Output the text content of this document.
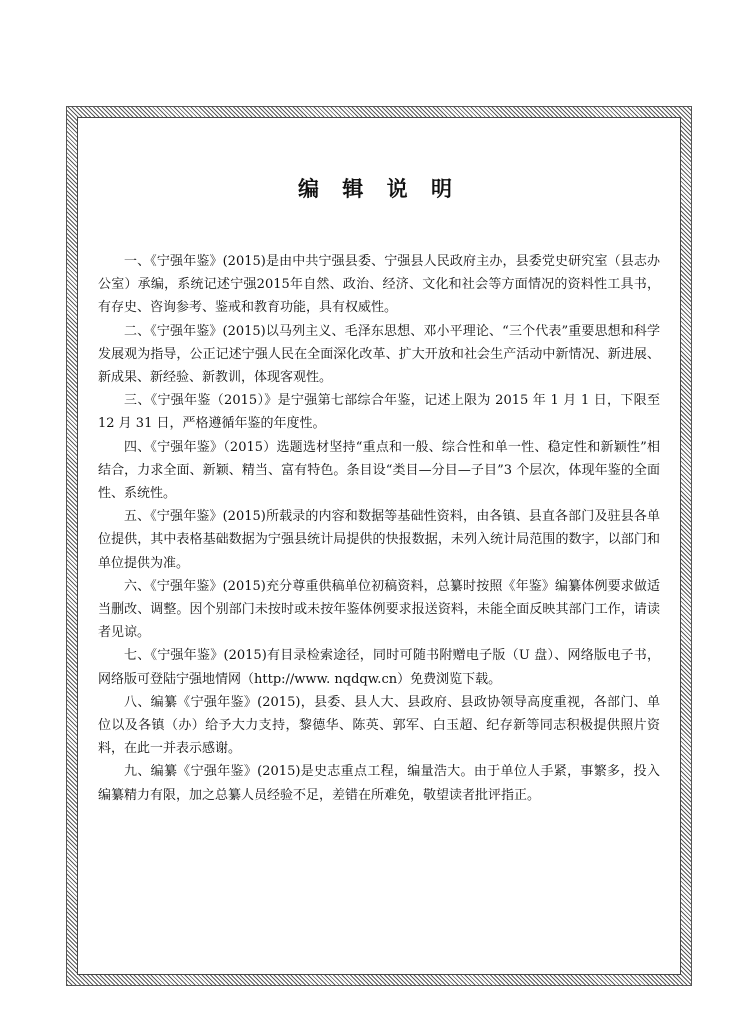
编 辑 说 明

一、《宁强年鉴》(2015)是由中共宁强县委、宁强县人民政府主办，县委党史研究室（县志办公室）承编，系统记述宁强2015年自然、政治、经济、文化和社会等方面情况的资料性工具书，有存史、咨询参考、鉴戒和教育功能，具有权威性。

二、《宁强年鉴》(2015)以马列主义、毛泽东思想、邓小平理论、“三个代表”重要思想和科学发展观为指导，公正记述宁强人民在全面深化改革、扩大开放和社会生产活动中新情况、新进展、新成果、新经验、新教训，体现客观性。

三、《宁强年鉴（2015）》是宁强第七部综合年鉴，记述上限为 2015 年 1 月 1 日，下限至 12 月 31 日，严格遵循年鉴的年度性。

四、《宁强年鉴》（2015）选题选材坚持“重点和一般、综合性和单一性、稳定性和新颖性”相结合，力求全面、新颖、精当、富有特色。条目设“类目—分目—子目”3 个层次，体现年鉴的全面性、系统性。

五、《宁强年鉴》(2015)所载录的内容和数据等基础性资料，由各镇、县直各部门及驻县各单位提供，其中表格基础数据为宁强县统计局提供的快报数据，未列入统计局范围的数字，以部门和单位提供为准。

六、《宁强年鉴》(2015)充分尊重供稿单位初稿资料，总纂时按照《年鉴》编纂体例要求做适当删改、调整。因个别部门未按时或未按年鉴体例要求报送资料，未能全面反映其部门工作，请读者见谅。

七、《宁强年鉴》(2015)有目录检索途径，同时可随书附赠电子版（U 盘）、网络版电子书，网络版可登陆宁强地情网（http://www. nqdqw.cn）免费浏览下载。

八、编纂《宁强年鉴》(2015)，县委、县人大、县政府、县政协领导高度重视，各部门、单位以及各镇（办）给予大力支持，黎德华、陈英、郭军、白玉超、纪存新等同志积极提供照片资料，在此一并表示感谢。

九、编纂《宁强年鉴》(2015)是史志重点工程，编量浩大。由于单位人手紧，事繁多，投入编纂精力有限，加之总纂人员经验不足，差错在所难免，敬望读者批评指正。
